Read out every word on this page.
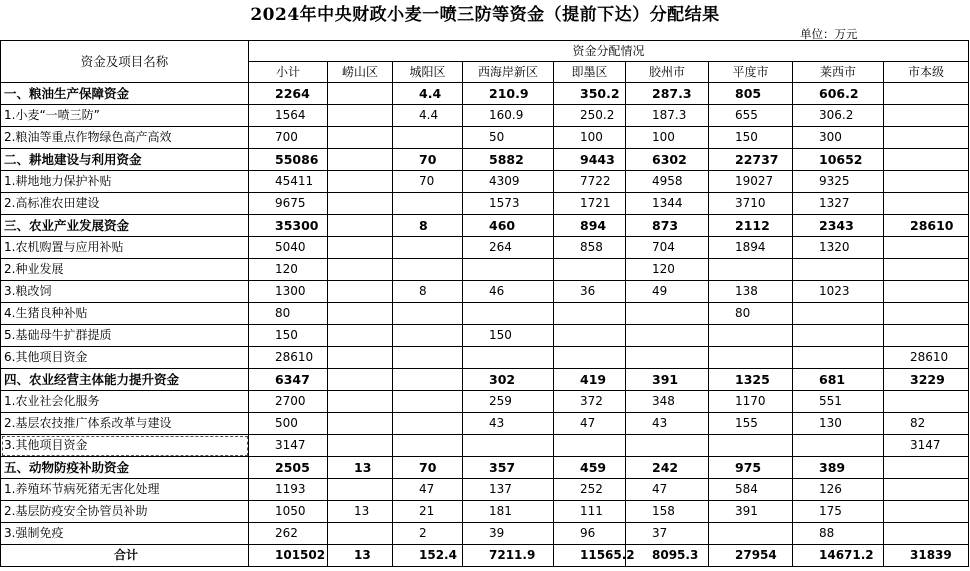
2024年中央财政小麦一喷三防等资金（提前下达）分配结果
单位：万元
资金及项目名称	资金分配情况								
	小计	崂山区	城阳区	西海岸新区	即墨区	胶州市	平度市	莱西市	市本级
一、粮油生产保障资金	2264		4.4	210.9	350.2	287.3	805	606.2	
1.小麦“一喷三防”	1564		4.4	160.9	250.2	187.3	655	306.2	
2.粮油等重点作物绿色高产高效	700			50	100	100	150	300	
二、耕地建设与利用资金	55086		70	5882	9443	6302	22737	10652	
1.耕地地力保护补贴	45411		70	4309	7722	4958	19027	9325	
2.高标准农田建设	9675			1573	1721	1344	3710	1327	
三、农业产业发展资金	35300		8	460	894	873	2112	2343	28610
1.农机购置与应用补贴	5040			264	858	704	1894	1320	
2.种业发展	120					120			
3.粮改饲	1300		8	46	36	49	138	1023	
4.生猪良种补贴	80						80		
5.基础母牛扩群提质	150			150					
6.其他项目资金	28610								28610
四、农业经营主体能力提升资金	6347			302	419	391	1325	681	3229
1.农业社会化服务	2700			259	372	348	1170	551	
2.基层农技推广体系改革与建设	500			43	47	43	155	130	82
3.其他项目资金	3147								3147
五、动物防疫补助资金	2505	13	70	357	459	242	975	389	
1.养殖环节病死猪无害化处理	1193		47	137	252	47	584	126	
2.基层防疫安全协管员补助	1050	13	21	181	111	158	391	175	
3.强制免疫	262		2	39	96	37		88	
合计	101502	13	152.4	7211.9	11565.2	8095.3	27954	14671.2	31839
